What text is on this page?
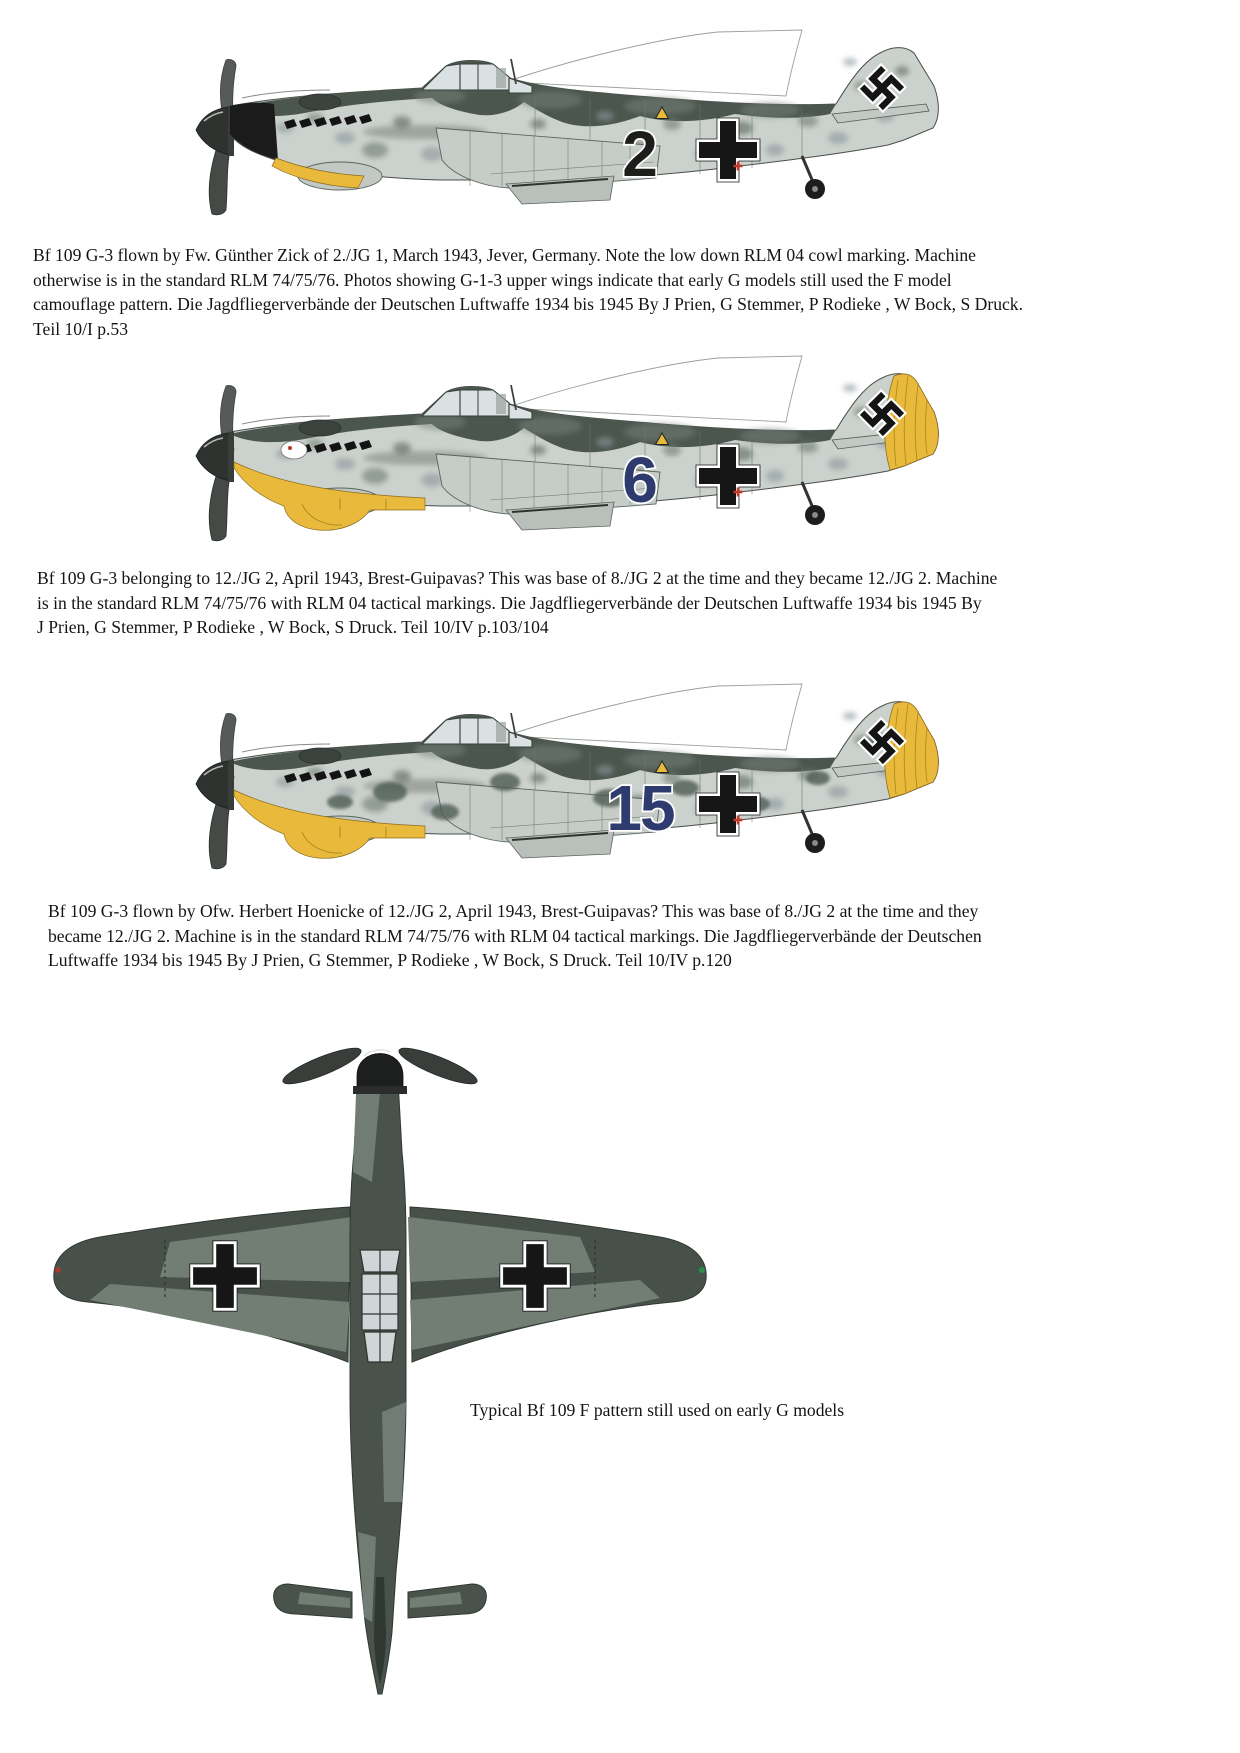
2
Bf 109 G-3 flown by Fw. Günther Zick of 2./JG 1, March 1943, Jever, Germany. Note the low down RLM 04 cowl marking. Machine
otherwise is in the standard RLM 74/75/76. Photos showing G-1-3 upper wings indicate that early G models still used the F model
camouflage pattern. Die Jagdfliegerverbände der Deutschen Luftwaffe 1934 bis 1945 By J Prien, G Stemmer, P Rodieke , W Bock, S Druck.
Teil 10/I p.53
6
Bf 109 G-3 belonging to 12./JG 2, April 1943, Brest-Guipavas? This was base of 8./JG 2 at the time and they became 12./JG 2. Machine
is in the standard RLM 74/75/76 with RLM 04 tactical markings. Die Jagdfliegerverbände der Deutschen Luftwaffe 1934 bis 1945 By
J Prien, G Stemmer, P Rodieke , W Bock, S Druck. Teil 10/IV p.103/104
15
Bf 109 G-3 flown by Ofw. Herbert Hoenicke of 12./JG 2, April 1943, Brest-Guipavas? This was base of 8./JG 2 at the time and they
became 12./JG 2. Machine is in the standard RLM 74/75/76 with RLM 04 tactical markings. Die Jagdfliegerverbände der Deutschen
Luftwaffe 1934 bis 1945 By J Prien, G Stemmer, P Rodieke , W Bock, S Druck. Teil 10/IV p.120
Typical Bf 109 F pattern still used on early G models
